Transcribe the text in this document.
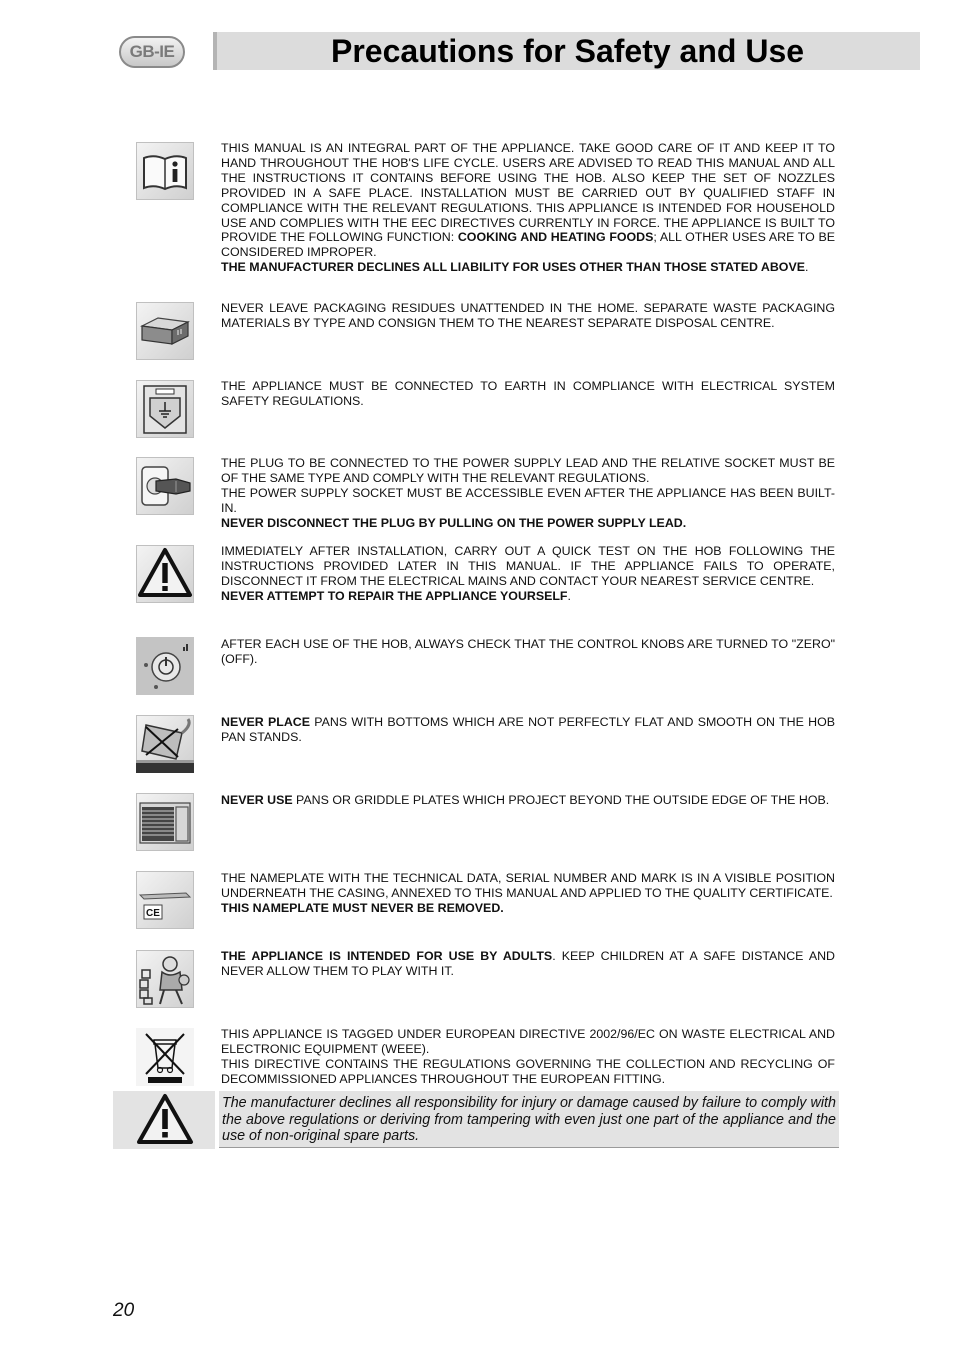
GB-IE	Precautions for Safety and Use

THIS MANUAL IS AN INTEGRAL PART OF THE APPLIANCE. TAKE GOOD CARE OF IT AND KEEP IT TO HAND THROUGHOUT THE HOB'S LIFE CYCLE. USERS ARE ADVISED TO READ THIS MANUAL AND ALL THE INSTRUCTIONS IT CONTAINS BEFORE USING THE HOB. ALSO KEEP THE SET OF NOZZLES PROVIDED IN A SAFE PLACE. INSTALLATION MUST BE CARRIED OUT BY QUALIFIED STAFF IN COMPLIANCE WITH THE RELEVANT REGULATIONS. THIS APPLIANCE IS INTENDED FOR HOUSEHOLD USE AND COMPLIES WITH THE EEC DIRECTIVES CURRENTLY IN FORCE. THE APPLIANCE IS BUILT TO PROVIDE THE FOLLOWING FUNCTION: COOKING AND HEATING FOODS; ALL OTHER USES ARE TO BE CONSIDERED IMPROPER.

THE MANUFACTURER DECLINES ALL LIABILITY FOR USES OTHER THAN THOSE STATED ABOVE.

NEVER LEAVE PACKAGING RESIDUES UNATTENDED IN THE HOME. SEPARATE WASTE PACKAGING MATERIALS BY TYPE AND CONSIGN THEM TO THE NEAREST SEPARATE DISPOSAL CENTRE.

THE APPLIANCE MUST BE CONNECTED TO EARTH IN COMPLIANCE WITH ELECTRICAL SYSTEM SAFETY REGULATIONS.

THE PLUG TO BE CONNECTED TO THE POWER SUPPLY LEAD AND THE RELATIVE SOCKET MUST BE OF THE SAME TYPE AND COMPLY WITH THE RELEVANT REGULATIONS.

THE POWER SUPPLY SOCKET MUST BE ACCESSIBLE EVEN AFTER THE APPLIANCE HAS BEEN BUILT-IN.

NEVER DISCONNECT THE PLUG BY PULLING ON THE POWER SUPPLY LEAD.

IMMEDIATELY AFTER INSTALLATION, CARRY OUT A QUICK TEST ON THE HOB FOLLOWING THE INSTRUCTIONS PROVIDED LATER IN THIS MANUAL. IF THE APPLIANCE FAILS TO OPERATE, DISCONNECT IT FROM THE ELECTRICAL MAINS AND CONTACT YOUR NEAREST SERVICE CENTRE.

NEVER ATTEMPT TO REPAIR THE APPLIANCE YOURSELF.

AFTER EACH USE OF THE HOB, ALWAYS CHECK THAT THE CONTROL KNOBS ARE TURNED TO "ZERO" (OFF).

NEVER PLACE PANS WITH BOTTOMS WHICH ARE NOT PERFECTLY FLAT AND SMOOTH ON THE HOB PAN STANDS.

NEVER USE PANS OR GRIDDLE PLATES WHICH PROJECT BEYOND THE OUTSIDE EDGE OF THE HOB.

CE

THE NAMEPLATE WITH THE TECHNICAL DATA, SERIAL NUMBER AND MARK IS IN A VISIBLE POSITION UNDERNEATH THE CASING, ANNEXED TO THIS MANUAL AND APPLIED TO THE QUALITY CERTIFICATE.

THIS NAMEPLATE MUST NEVER BE REMOVED.

THE APPLIANCE IS INTENDED FOR USE BY ADULTS. KEEP CHILDREN AT A SAFE DISTANCE AND NEVER ALLOW THEM TO PLAY WITH IT.

THIS APPLIANCE IS TAGGED UNDER EUROPEAN DIRECTIVE 2002/96/EC ON WASTE ELECTRICAL AND ELECTRONIC EQUIPMENT (WEEE).

THIS DIRECTIVE CONTAINS THE REGULATIONS GOVERNING THE COLLECTION AND RECYCLING OF DECOMMISSIONED APPLIANCES THROUGHOUT THE EUROPEAN FITTING.

The manufacturer declines all responsibility for injury or damage caused by failure to comply with the above regulations or deriving from tampering with even just one part of the appliance and the use of non-original spare parts.

20
